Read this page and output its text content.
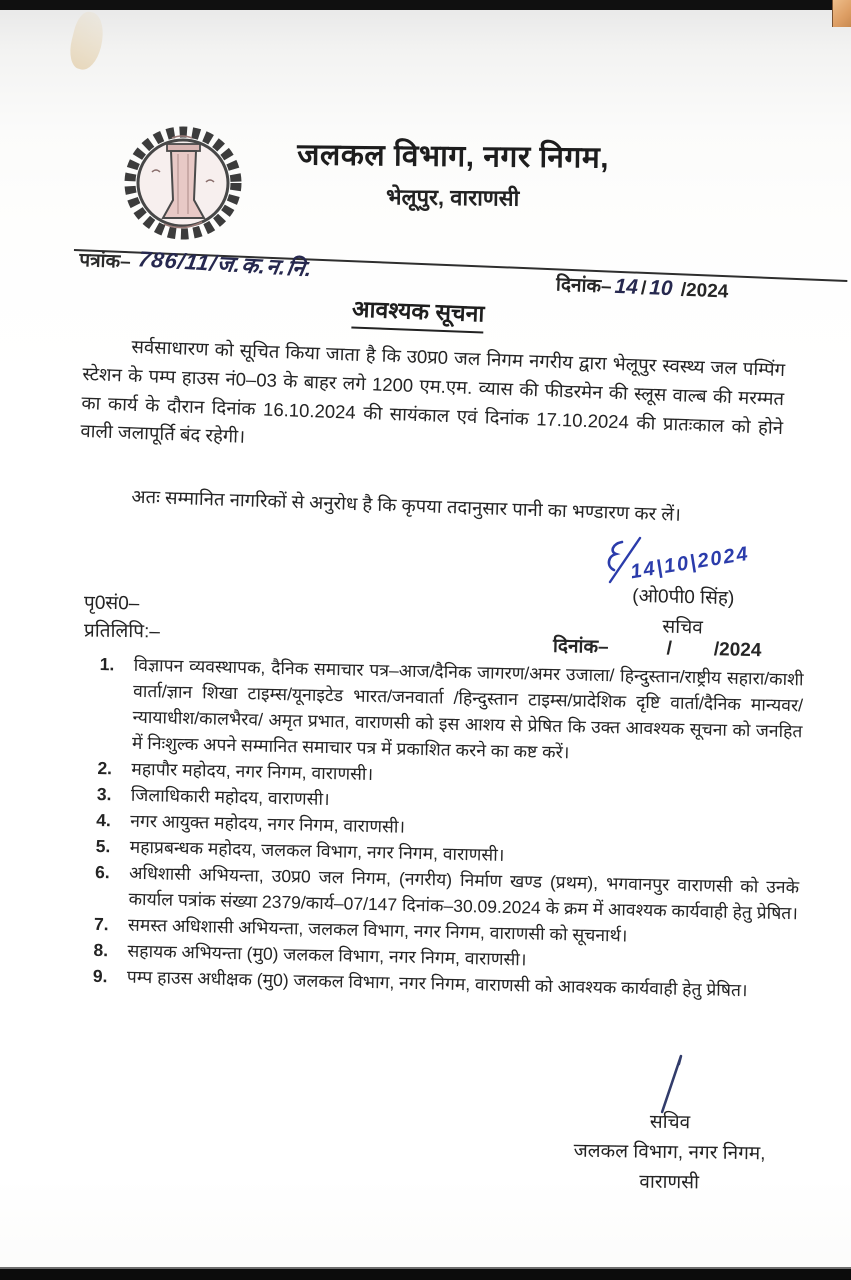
जलकल विभाग, नगर निगम,
भेलूपुर, वाराणसी
पत्रांक– 786/11/ज.क.न.नि.
दिनांक– 14 / 10 /2024
आवश्यक सूचना
सर्वसाधारण को सूचित किया जाता है कि उ0प्र0 जल निगम नगरीय द्वारा भेलूपुर स्वस्थ्य जल पम्पिंग स्टेशन के पम्प हाउस नं0–03 के बाहर लगे 1200 एम.एम. व्यास की फीडरमेन की स्लूस वाल्ब की मरम्मत का कार्य के दौरान दिनांक 16.10.2024 की सायंकाल एवं दिनांक 17.10.2024 की प्रातःकाल को होने वाली जलापूर्ति बंद रहेगी।
अतः सम्मानित नागरिकों से अनुरोध है कि कृपया तदानुसार पानी का भण्डारण कर लें।
14|10|2024
(ओ0पी0 सिंह)
सचिव
पृ0सं0–
प्रतिलिपि:–
दिनांक–	/ /2024
1.	विज्ञापन व्यवस्थापक, दैनिक समाचार पत्र–आज/दैनिक जागरण/अमर उजाला/ हिन्दुस्तान/राष्ट्रीय सहारा/काशी वार्ता/ज्ञान शिखा टाइम्स/यूनाइटेड भारत/जनवार्ता /हिन्दुस्तान टाइम्स/प्रादेशिक दृष्टि वार्ता/दैनिक मान्यवर/न्यायाधीश/कालभैरव/ अमृत प्रभात, वाराणसी को इस आशय से प्रेषित कि उक्त आवश्यक सूचना को जनहित में निःशुल्क अपने सम्मानित समाचार पत्र में प्रकाशित करने का कष्ट करें।
2.	महापौर महोदय, नगर निगम, वाराणसी।
3.	जिलाधिकारी महोदय, वाराणसी।
4.	नगर आयुक्त महोदय, नगर निगम, वाराणसी।
5.	महाप्रबन्धक महोदय, जलकल विभाग, नगर निगम, वाराणसी।
6.	अधिशासी अभियन्ता, उ0प्र0 जल निगम, (नगरीय) निर्माण खण्ड (प्रथम), भगवानपुर वाराणसी को उनके कार्याल पत्रांक संख्या 2379/कार्य–07/147 दिनांक–30.09.2024 के क्रम में आवश्यक कार्यवाही हेतु प्रेषित।
7.	समस्त अधिशासी अभियन्ता, जलकल विभाग, नगर निगम, वाराणसी को सूचनार्थ।
8.	सहायक अभियन्ता (मु0) जलकल विभाग, नगर निगम, वाराणसी।
9.	पम्प हाउस अधीक्षक (मु0) जलकल विभाग, नगर निगम, वाराणसी को आवश्यक कार्यवाही हेतु प्रेषित।
सचिव
जलकल विभाग, नगर निगम,
वाराणसी
